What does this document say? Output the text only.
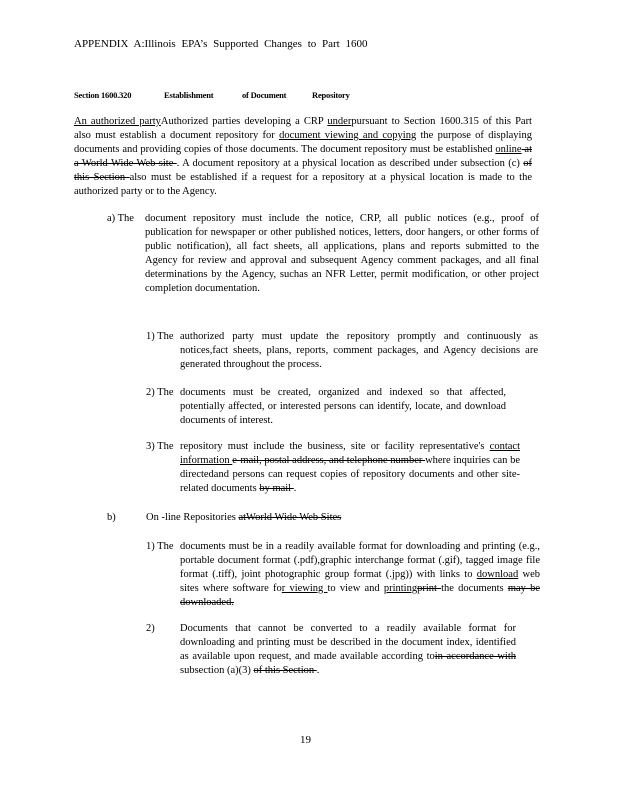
APPENDIX A:Illinois EPA’s Supported Changes to Part 1600
Section 1600.320	Establishment	of Document	Repository
An authorized partyAuthorized parties developing a CRP underpursuant to Section 1600.315 of this Part also must establish a document repository for document viewing and copying the purpose of displaying documents and providing copies of those documents. The document repository must be established online at a World Wide Web site . A document repository at a physical location as described under subsection (c) of this Section also must be established if a request for a repository at a physical location is made to the authorized party or to the Agency.
a) The	document repository must include the notice, CRP, all public notices (e.g., proof of publication for newspaper or other published notices, letters, door hangers, or other forms of public notification), all fact sheets, all applications, plans and reports submitted to the Agency for review and approval and subsequent Agency comment packages, and all final determinations by the Agency, suchas an NFR Letter, permit modification, or other project completion documentation.
1) The authorized party must update the repository promptly and continuously as notices,fact sheets, plans, reports, comment packages, and Agency decisions are generated throughout the process.
2) The documents must be created, organized and indexed so that affected, potentially affected, or interested persons can identify, locate, and download documents of interest.
3) The repository must include the business, site or facility representative's contact information e-mail, postal address, and telephone number where inquiries can be directedand persons can request copies of repository documents and other site- related documents by mail .
b)	On -line Repositories atWorld Wide Web Sites
1) The documents must be in a readily available format for downloading and printing (e.g., portable document format (.pdf),graphic interchange format (.gif), tagged image file format (.tiff), joint photographic group format (.jpg)) with links to download web sites where software for viewing to view and printingprint the documents may be downloaded.
2)	Documents that cannot be converted to a readily available format for downloading and printing must be described in the document index, identified as available upon request, and made available according toin accordance with subsection (a)(3) of this Section .
19
